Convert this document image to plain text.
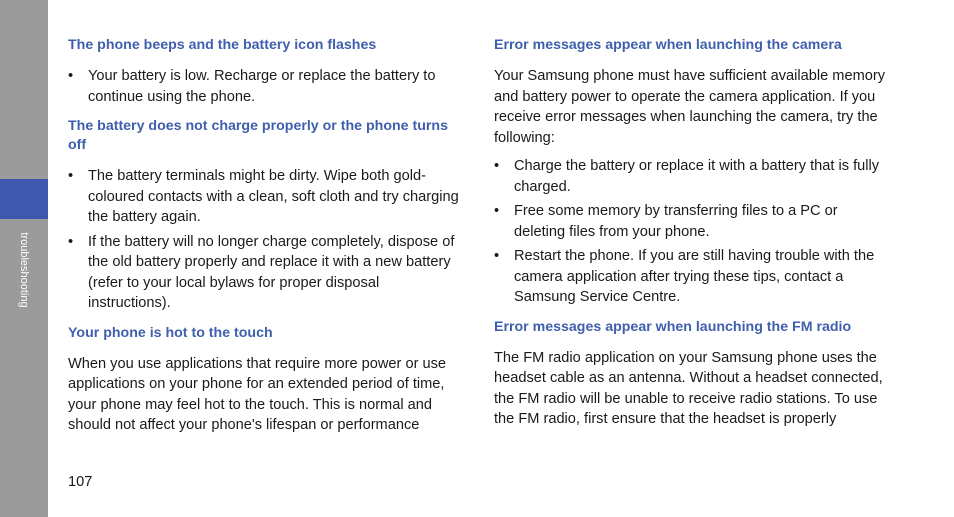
troubleshooting
The phone beeps and the battery icon flashes
• Your battery is low. Recharge or replace the battery to continue using the phone.
The battery does not charge properly or the phone turns off
• The battery terminals might be dirty. Wipe both gold-coloured contacts with a clean, soft cloth and try charging the battery again.
• If the battery will no longer charge completely, dispose of the old battery properly and replace it with a new battery (refer to your local bylaws for proper disposal instructions).
Your phone is hot to the touch

When you use applications that require more power or use applications on your phone for an extended period of time, your phone may feel hot to the touch. This is normal and should not affect your phone's lifespan or performance

Error messages appear when launching the camera

Your Samsung phone must have sufficient available memory and battery power to operate the camera application. If you receive error messages when launching the camera, try the following:

• Charge the battery or replace it with a battery that is fully charged.
• Free some memory by transferring files to a PC or deleting files from your phone.
• Restart the phone. If you are still having trouble with the camera application after trying these tips, contact a Samsung Service Centre.
Error messages appear when launching the FM radio

The FM radio application on your Samsung phone uses the headset cable as an antenna. Without a headset connected, the FM radio will be unable to receive radio stations. To use the FM radio, first ensure that the headset is properly

107
